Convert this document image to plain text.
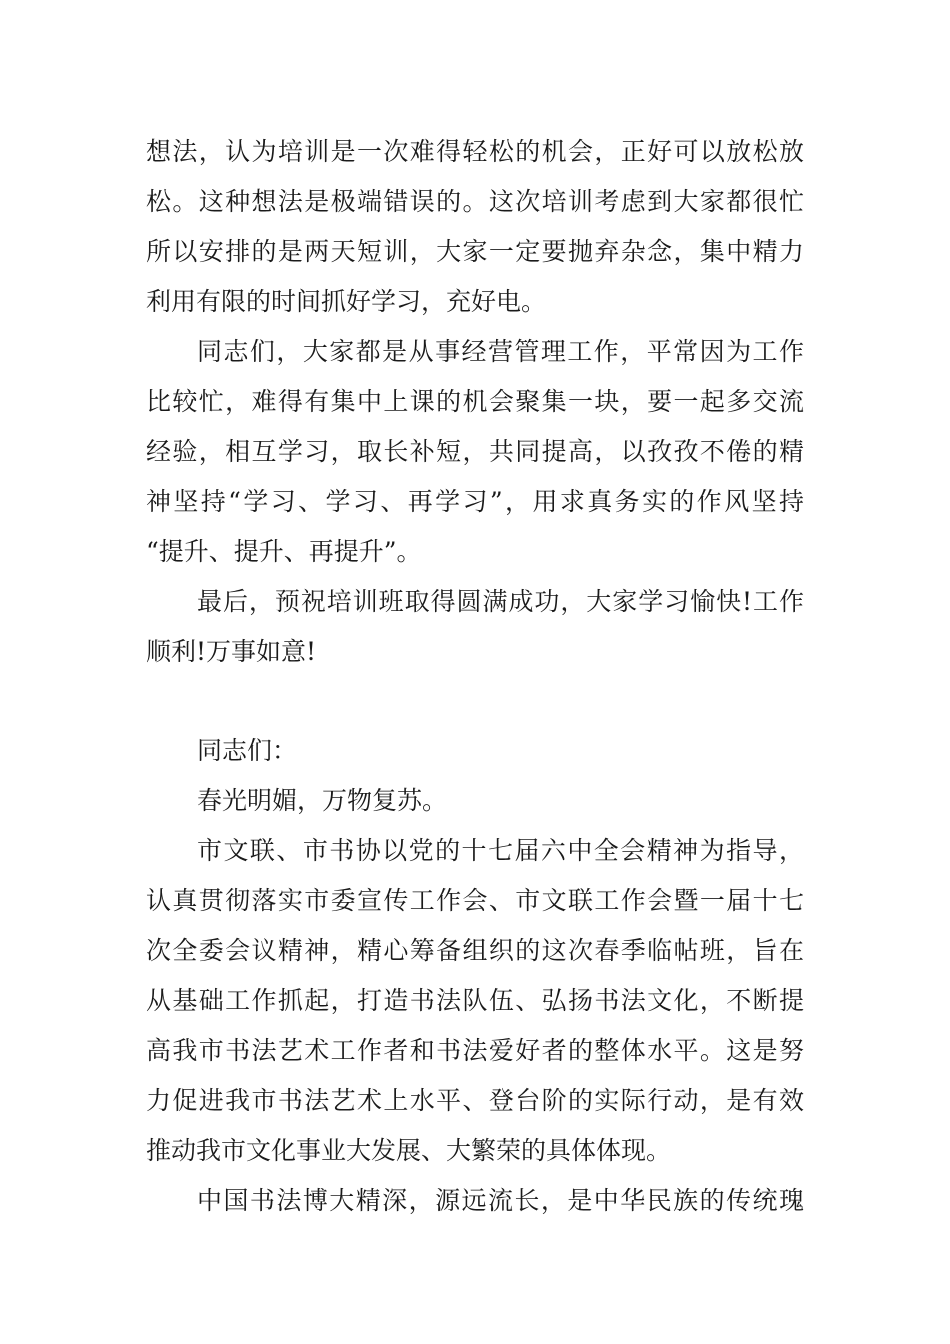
想法，认为培训是一次难得轻松的机会，正好可以放松放
松。这种想法是极端错误的。这次培训考虑到大家都很忙
所以安排的是两天短训，大家一定要抛弃杂念，集中精力
利用有限的时间抓好学习，充好电。
同志们，大家都是从事经营管理工作，平常因为工作
比较忙，难得有集中上课的机会聚集一块，要一起多交流
经验，相互学习，取长补短，共同提高，以孜孜不倦的精
神坚持“学习、学习、再学习”，用求真务实的作风坚持
“提升、提升、再提升”。
最后，预祝培训班取得圆满成功，大家学习愉快!工作
顺利!万事如意!
同志们：
春光明媚，万物复苏。
市文联、市书协以党的十七届六中全会精神为指导，
认真贯彻落实市委宣传工作会、市文联工作会暨一届十七
次全委会议精神，精心筹备组织的这次春季临帖班，旨在
从基础工作抓起，打造书法队伍、弘扬书法文化，不断提
高我市书法艺术工作者和书法爱好者的整体水平。这是努
力促进我市书法艺术上水平、登台阶的实际行动，是有效
推动我市文化事业大发展、大繁荣的具体体现。
中国书法博大精深，源远流长，是中华民族的传统瑰
